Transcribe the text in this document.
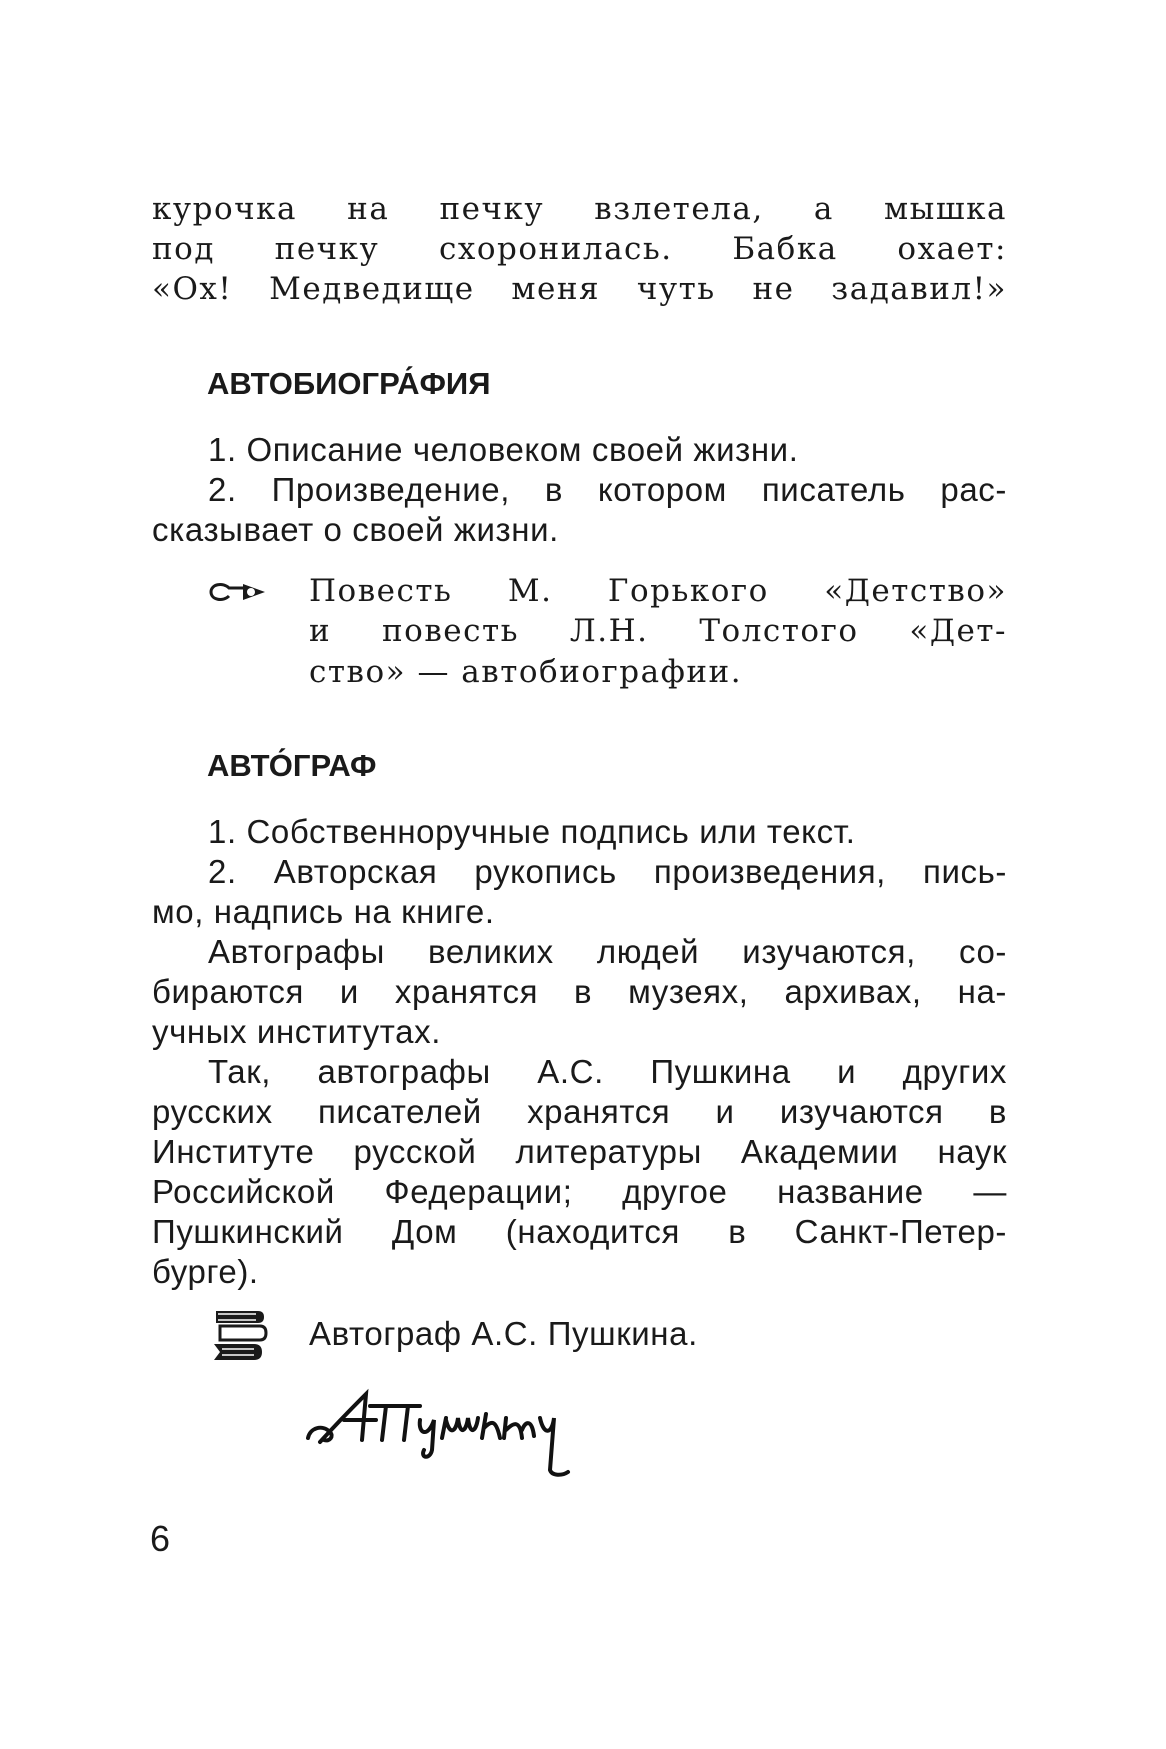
курочка на печку взлетела, а мышка
под печку схоронилась. Бабка охает:
«Ох! Медведище меня чуть не задавил!»
АВТОБИОГРА́ФИЯ
1. Описание человеком своей жизни.
2. Произведение, в котором писатель рас-
сказывает о своей жизни.
Повесть М. Горького «Детство»
и повесть Л.Н. Толстого «Дет-
ство» — автобиографии.
АВТО́ГРАФ
1. Собственноручные подпись или текст.
2. Авторская рукопись произведения, пись-
мо, надпись на книге.
Автографы великих людей изучаются, со-
бираются и хранятся в музеях, архивах, на-
учных институтах.
Так, автографы А.С. Пушкина и других
русских писателей хранятся и изучаются в
Институте русской литературы Академии наук
Российской Федерации; другое название —
Пушкинский Дом (находится в Санкт-Петер-
бурге).
Автограф А.С. Пушкина.
6
